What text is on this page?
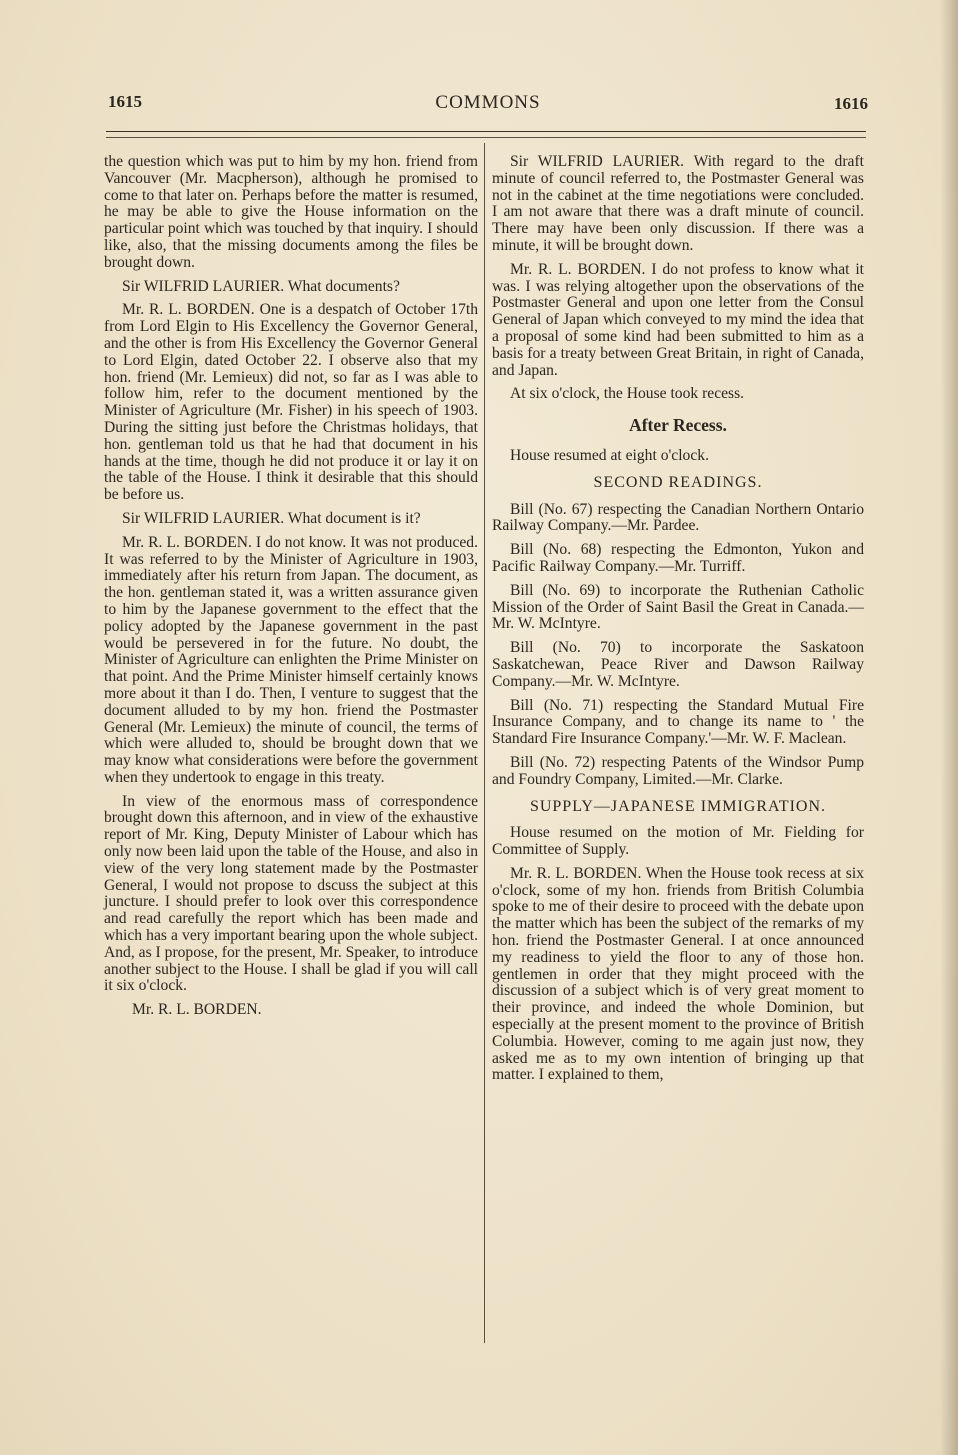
1615	COMMONS	1616

the question which was put to him by my hon. friend from Vancouver (Mr. Macpherson), although he promised to come to that later on. Perhaps before the matter is resumed, he may be able to give the House information on the particular point which was touched by that inquiry. I should like, also, that the missing documents among the files be brought down.

Sir WILFRID LAURIER. What documents?

Mr. R. L. BORDEN. One is a despatch of October 17th from Lord Elgin to His Excellency the Governor General, and the other is from His Excellency the Governor General to Lord Elgin, dated October 22. I observe also that my hon. friend (Mr. Lemieux) did not, so far as I was able to follow him, refer to the document mentioned by the Minister of Agriculture (Mr. Fisher) in his speech of 1903. During the sitting just before the Christmas holidays, that hon. gentleman told us that he had that document in his hands at the time, though he did not produce it or lay it on the table of the House. I think it desirable that this should be before us.

Sir WILFRID LAURIER. What document is it?

Mr. R. L. BORDEN. I do not know. It was not produced. It was referred to by the Minister of Agriculture in 1903, immediately after his return from Japan. The document, as the hon. gentleman stated it, was a written assurance given to him by the Japanese government to the effect that the policy adopted by the Japanese government in the past would be persevered in for the future. No doubt, the Minister of Agriculture can enlighten the Prime Minister on that point. And the Prime Minister himself certainly knows more about it than I do. Then, I venture to suggest that the document alluded to by my hon. friend the Postmaster General (Mr. Lemieux) the minute of council, the terms of which were alluded to, should be brought down that we may know what considerations were before the government when they undertook to engage in this treaty.

In view of the enormous mass of correspondence brought down this afternoon, and in view of the exhaustive report of Mr. King, Deputy Minister of Labour which has only now been laid upon the table of the House, and also in view of the very long statement made by the Postmaster General, I would not propose to dscuss the subject at this juncture. I should prefer to look over this correspondence and read carefully the report which has been made and which has a very important bearing upon the whole subject. And, as I propose, for the present, Mr. Speaker, to introduce another subject to the House. I shall be glad if you will call it six o'clock.

Mr. R. L. BORDEN.

Sir WILFRID LAURIER. With regard to the draft minute of council referred to, the Postmaster General was not in the cabinet at the time negotiations were concluded. I am not aware that there was a draft minute of council. There may have been only discussion. If there was a minute, it will be brought down.

Mr. R. L. BORDEN. I do not profess to know what it was. I was relying altogether upon the observations of the Postmaster General and upon one letter from the Consul General of Japan which conveyed to my mind the idea that a proposal of some kind had been submitted to him as a basis for a treaty between Great Britain, in right of Canada, and Japan.

At six o'clock, the House took recess.

After Recess.

House resumed at eight o'clock.

SECOND READINGS.

Bill (No. 67) respecting the Canadian Northern Ontario Railway Company.—Mr. Pardee.

Bill (No. 68) respecting the Edmonton, Yukon and Pacific Railway Company.—Mr. Turriff.

Bill (No. 69) to incorporate the Ruthenian Catholic Mission of the Order of Saint Basil the Great in Canada.—Mr. W. McIntyre.

Bill (No. 70) to incorporate the Saskatoon Saskatchewan, Peace River and Dawson Railway Company.—Mr. W. McIntyre.

Bill (No. 71) respecting the Standard Mutual Fire Insurance Company, and to change its name to ' the Standard Fire Insurance Company.'—Mr. W. F. Maclean.

Bill (No. 72) respecting Patents of the Windsor Pump and Foundry Company, Limited.—Mr. Clarke.

SUPPLY—JAPANESE IMMIGRATION.

House resumed on the motion of Mr. Fielding for Committee of Supply.

Mr. R. L. BORDEN. When the House took recess at six o'clock, some of my hon. friends from British Columbia spoke to me of their desire to proceed with the debate upon the matter which has been the subject of the remarks of my hon. friend the Postmaster General. I at once announced my readiness to yield the floor to any of those hon. gentlemen in order that they might proceed with the discussion of a subject which is of very great moment to their province, and indeed the whole Dominion, but especially at the present moment to the province of British Columbia. However, coming to me again just now, they asked me as to my own intention of bringing up that matter. I explained to them,
